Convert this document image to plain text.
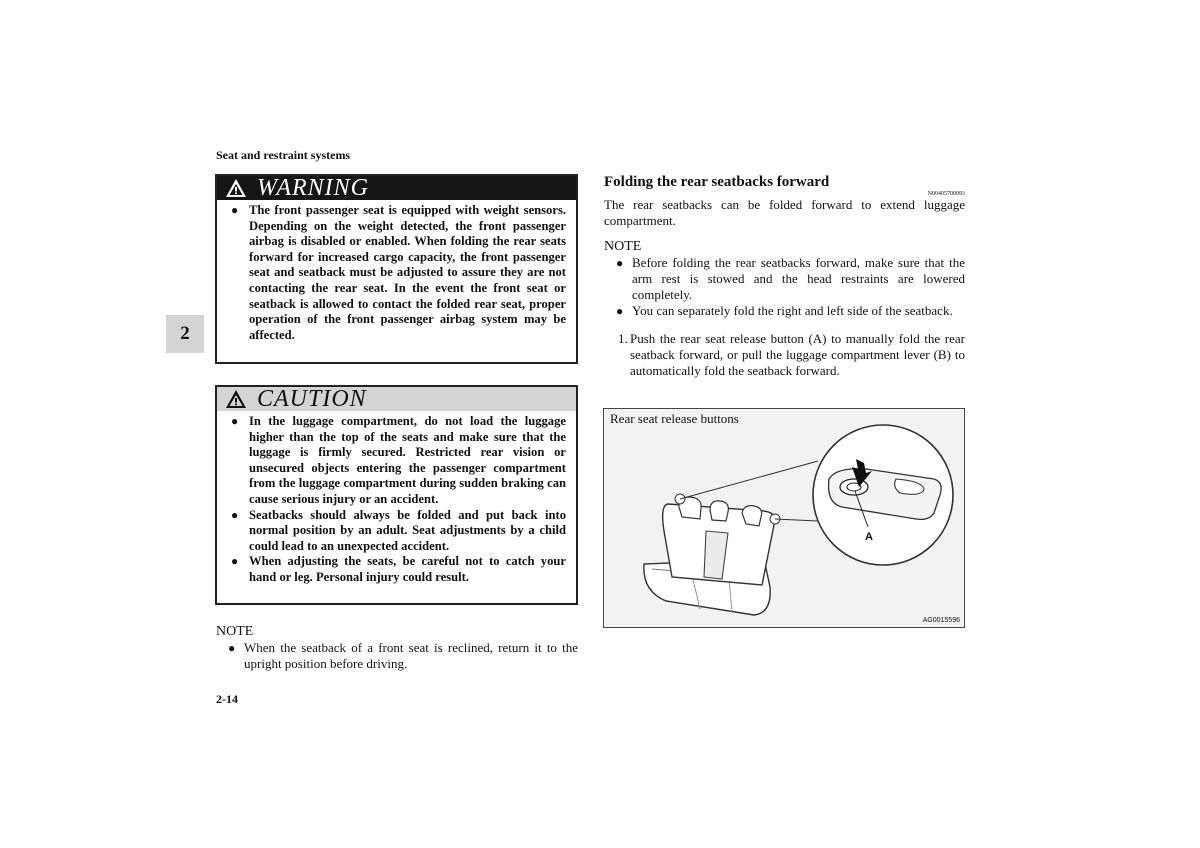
Seat and restraint systems
2
WARNING
● The front passenger seat is equipped with weight sensors. Depending on the weight detected, the front passenger airbag is disabled or enabled. When folding the rear seats forward for increased cargo capacity, the front passenger seat and seatback must be adjusted to assure they are not contacting the rear seat. In the event the front seat or seatback is allowed to contact the folded rear seat, proper operation of the front passenger airbag system may be affected.
CAUTION
● In the luggage compartment, do not load the luggage higher than the top of the seats and make sure that the luggage is firmly secured. Restricted rear vision or unsecured objects entering the passenger compartment from the luggage compartment during sudden braking can cause serious injury or an accident.
● Seatbacks should always be folded and put back into normal position by an adult. Seat adjustments by a child could lead to an unexpected accident.
● When adjusting the seats, be careful not to catch your hand or leg. Personal injury could result.
NOTE
● When the seatback of a front seat is reclined, return it to the upright position before driving.
Folding the rear seatbacks forward
N00405700093

The rear seatbacks can be folded forward to extend luggage compartment.

NOTE
● Before folding the rear seatbacks forward, make sure that the arm rest is stowed and the head restraints are lowered completely.
● You can separately fold the right and left side of the seatback.
1. Push the rear seat release button (A) to manually fold the rear seatback forward, or pull the luggage compartment lever (B) to automatically fold the seatback forward.
Rear seat release buttons
A
AG0015596
2-14
